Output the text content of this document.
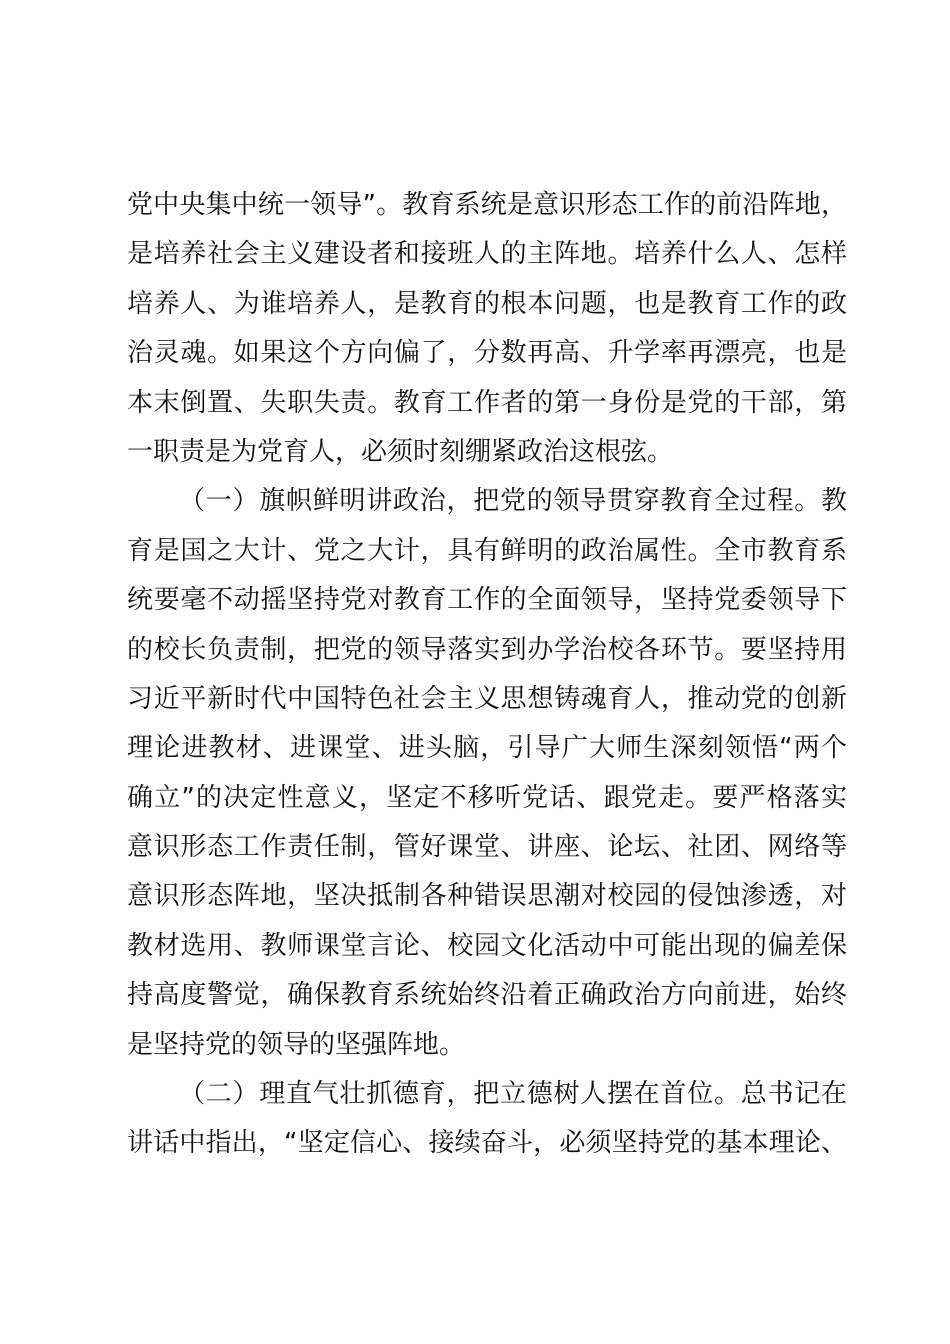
党中央集中统一领导”。教育系统是意识形态工作的前沿阵地，
是培养社会主义建设者和接班人的主阵地。培养什么人、怎样
培养人、为谁培养人，是教育的根本问题，也是教育工作的政
治灵魂。如果这个方向偏了，分数再高、升学率再漂亮，也是
本末倒置、失职失责。教育工作者的第一身份是党的干部，第
一职责是为党育人，必须时刻绷紧政治这根弦。
（一）旗帜鲜明讲政治，把党的领导贯穿教育全过程。教
育是国之大计、党之大计，具有鲜明的政治属性。全市教育系
统要毫不动摇坚持党对教育工作的全面领导，坚持党委领导下
的校长负责制，把党的领导落实到办学治校各环节。要坚持用
习近平新时代中国特色社会主义思想铸魂育人，推动党的创新
理论进教材、进课堂、进头脑，引导广大师生深刻领悟“两个
确立”的决定性意义，坚定不移听党话、跟党走。要严格落实
意识形态工作责任制，管好课堂、讲座、论坛、社团、网络等
意识形态阵地，坚决抵制各种错误思潮对校园的侵蚀渗透，对
教材选用、教师课堂言论、校园文化活动中可能出现的偏差保
持高度警觉，确保教育系统始终沿着正确政治方向前进，始终
是坚持党的领导的坚强阵地。
（二）理直气壮抓德育，把立德树人摆在首位。总书记在
讲话中指出，“坚定信心、接续奋斗，必须坚持党的基本理论、
